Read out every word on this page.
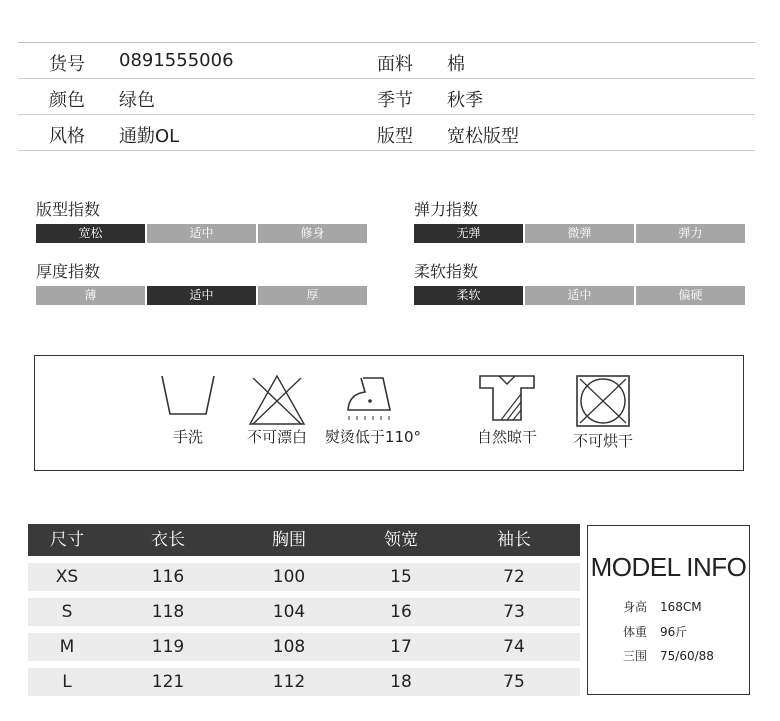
货号 0891555006	面料 棉
颜色 绿色	季节 秋季
风格 通勤OL	版型 宽松版型
版型指数
宽松	适中	修身
弹力指数
无弹	微弹	弹力
厚度指数
薄	适中	厚
柔软指数
柔软	适中	偏硬
手洗	不可漂白	熨烫低于110°	自然晾干	不可烘干
尺寸	衣长	胸围	领宽	袖长
XS	116	100	15	72
S	118	104	16	73
M	119	108	17	74
L	121	112	18	75
MODEL INFO
身高 168CM
体重 96斤
三围 75/60/88
